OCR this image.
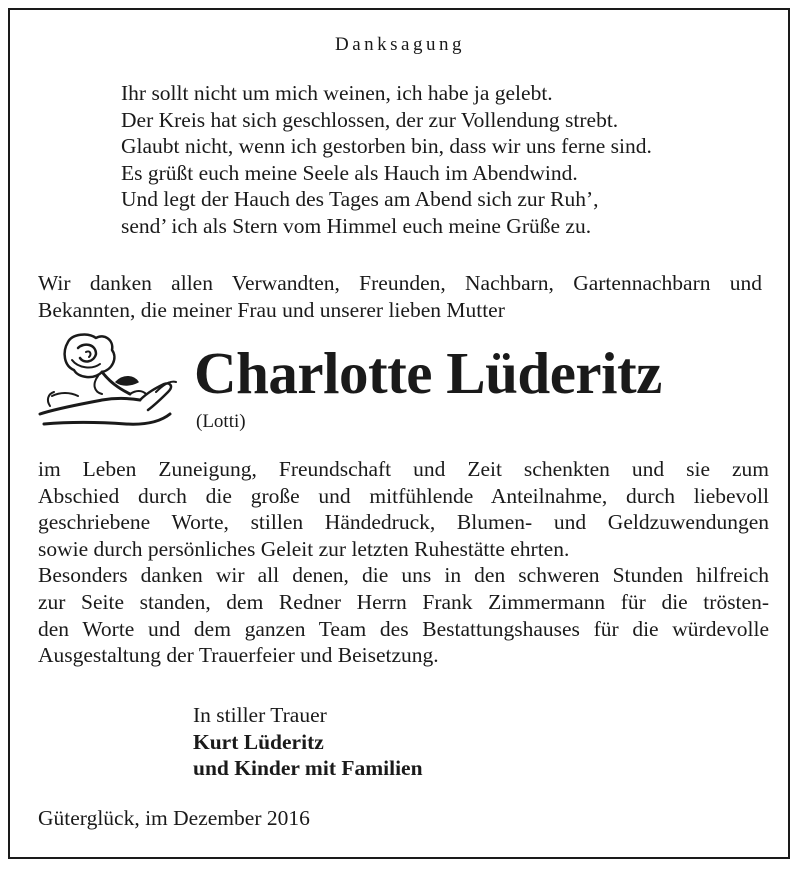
Danksagung
Ihr sollt nicht um mich weinen, ich habe ja gelebt.
Der Kreis hat sich geschlossen, der zur Vollendung strebt.
Glaubt nicht, wenn ich gestorben bin, dass wir uns ferne sind.
Es grüßt euch meine Seele als Hauch im Abendwind.
Und legt der Hauch des Tages am Abend sich zur Ruh’,
send’ ich als Stern vom Himmel euch meine Grüße zu.
Wir danken allen Verwandten, Freunden, Nachbarn, Gartennachbarn und Bekannten, die meiner Frau und unserer lieben Mutter
Charlotte Lüderitz
(Lotti)
im Leben Zuneigung, Freundschaft und Zeit schenkten und sie zum
Abschied durch die große und mitfühlende Anteilnahme, durch liebevoll
geschriebene Worte, stillen Händedruck, Blumen- und Geldzuwendungen
sowie durch persönliches Geleit zur letzten Ruhestätte ehrten.
Besonders danken wir all denen, die uns in den schweren Stunden hilfreich
zur Seite standen, dem Redner Herrn Frank Zimmermann für die trösten-
den Worte und dem ganzen Team des Bestattungshauses für die würdevolle
Ausgestaltung der Trauerfeier und Beisetzung.
In stiller Trauer
Kurt Lüderitz
und Kinder mit Familien
Güterglück, im Dezember 2016
